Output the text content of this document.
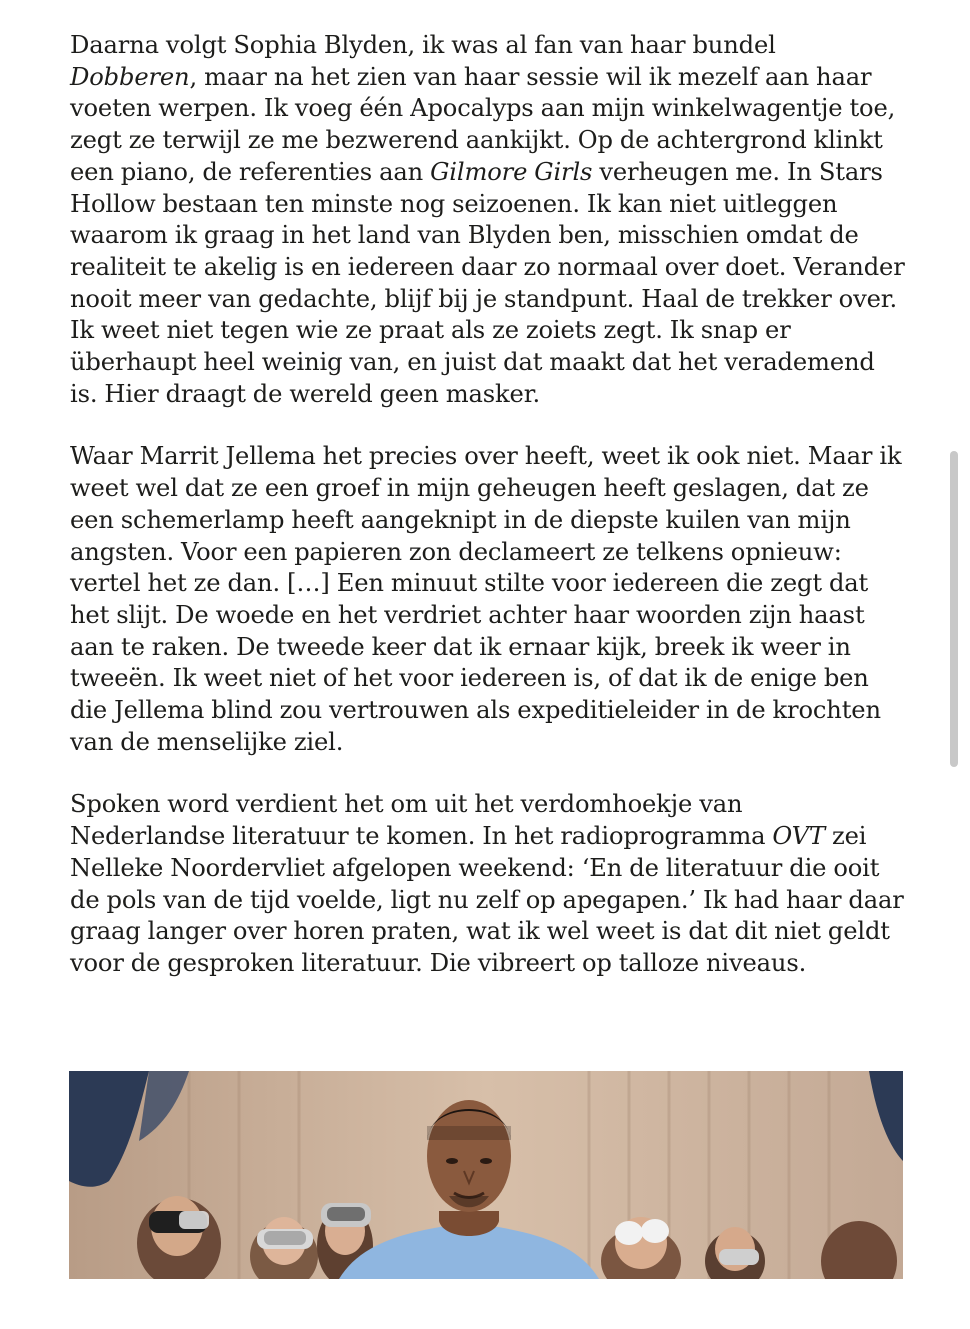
Daarna volgt Sophia Blyden, ik was al fan van haar bundel
Dobberen, maar na het zien van haar sessie wil ik mezelf aan haar
voeten werpen. Ik voeg één Apocalyps aan mijn winkelwagentje toe,
zegt ze terwijl ze me bezwerend aankijkt. Op de achtergrond klinkt
een piano, de referenties aan Gilmore Girls verheugen me. In Stars
Hollow bestaan ten minste nog seizoenen. Ik kan niet uitleggen
waarom ik graag in het land van Blyden ben, misschien omdat de
realiteit te akelig is en iedereen daar zo normaal over doet. Verander
nooit meer van gedachte, blijf bij je standpunt. Haal de trekker over.
Ik weet niet tegen wie ze praat als ze zoiets zegt. Ik snap er
überhaupt heel weinig van, en juist dat maakt dat het verademend
is. Hier draagt de wereld geen masker.

Waar Marrit Jellema het precies over heeft, weet ik ook niet. Maar ik
weet wel dat ze een groef in mijn geheugen heeft geslagen, dat ze
een schemerlamp heeft aangeknipt in de diepste kuilen van mijn
angsten. Voor een papieren zon declameert ze telkens opnieuw:
vertel het ze dan. […] Een minuut stilte voor iedereen die zegt dat
het slijt. De woede en het verdriet achter haar woorden zijn haast
aan te raken. De tweede keer dat ik ernaar kijk, breek ik weer in
tweeën. Ik weet niet of het voor iedereen is, of dat ik de enige ben
die Jellema blind zou vertrouwen als expeditieleider in de krochten
van de menselijke ziel.

Spoken word verdient het om uit het verdomhoekje van
Nederlandse literatuur te komen. In het radioprogramma OVT zei
Nelleke Noordervliet afgelopen weekend: ‘En de literatuur die ooit
de pols van de tijd voelde, ligt nu zelf op apegapen.’ Ik had haar daar
graag langer over horen praten, wat ik wel weet is dat dit niet geldt
voor de gesproken literatuur. Die vibreert op talloze niveaus.
